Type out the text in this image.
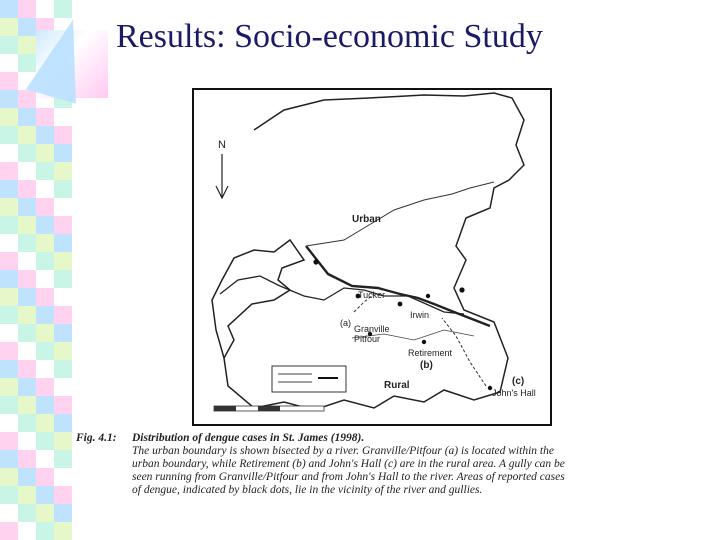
Results: Socio-economic Study
N
Urban
Rural
Tucker
Irwin
(a)
Granville
Pitfour
Retirement
(b)
(c)
John's Hall
Fig. 4.1:	Distribution of dengue cases in St. James (1998).
The urban boundary is shown bisected by a river. Granville/Pitfour (a) is located within the
urban boundary, while Retirement (b) and John's Hall (c) are in the rural area. A gully can be
seen running from Granville/Pitfour and from John's Hall to the river. Areas of reported cases
of dengue, indicated by black dots, lie in the vicinity of the river and gullies.
